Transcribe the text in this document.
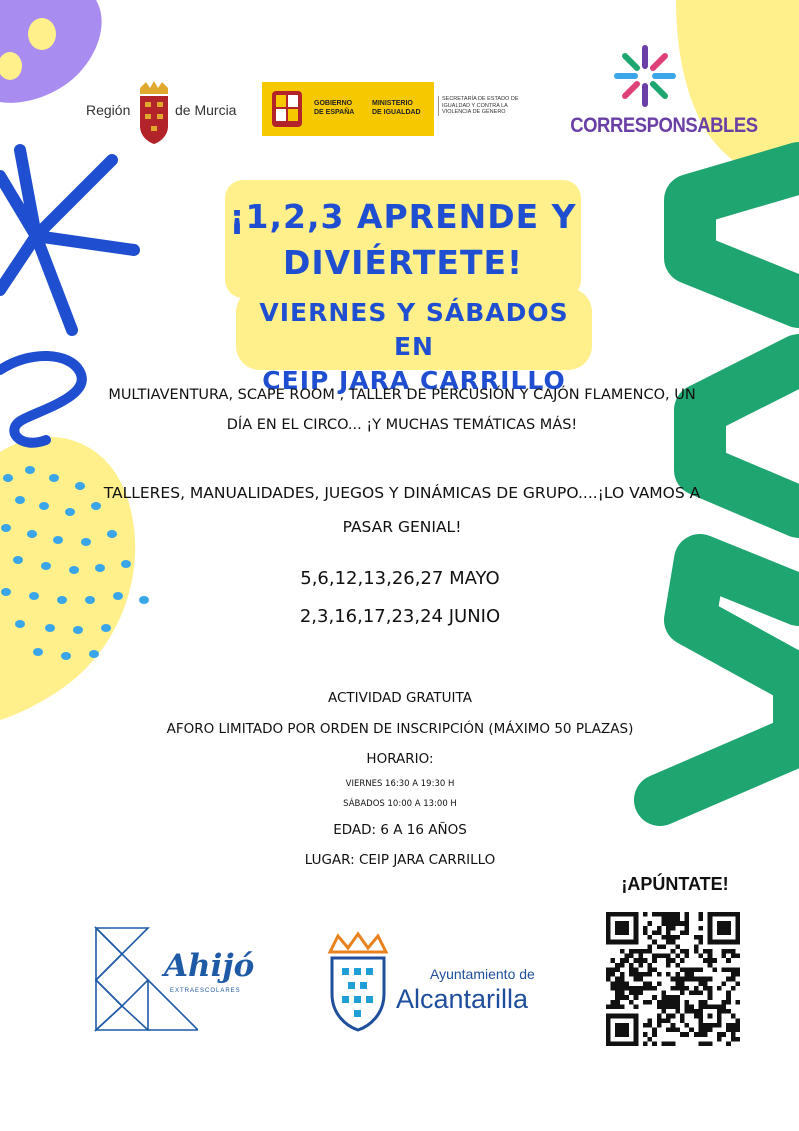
Región	de Murcia	GOBIERNO
DE ESPAÑA
MINISTERIO
DE IGUALDAD
SECRETARÍA DE ESTADO DE IGUALDAD Y CONTRA LA VIOLENCIA DE GÉNERO
CORRESPONSABLES
¡1,2,3 APRENDE Y
DIVIÉRTETE!
VIERNES Y SÁBADOS EN
CEIP JARA CARRILLO
MULTIAVENTURA, SCAPE ROOM , TALLER DE PERCUSIÓN Y CAJÓN FLAMENCO, UN DÍA EN EL CIRCO... ¡Y MUCHAS TEMÁTICAS MÁS!
TALLERES, MANUALIDADES, JUEGOS Y DINÁMICAS DE GRUPO....¡LO VAMOS A PASAR GENIAL!
5,6,12,13,26,27 MAYO
2,3,16,17,23,24 JUNIO
ACTIVIDAD GRATUITA
AFORO LIMITADO POR ORDEN DE INSCRIPCIÓN (MÁXIMO 50 PLAZAS)
HORARIO:
VIERNES 16:30 A 19:30 H
SÁBADOS 10:00 A 13:00 H
EDAD: 6 A 16 AÑOS
LUGAR: CEIP JARA CARRILLO
Ahijó
EXTRAESCOLARES
Ayuntamiento de
Alcantarilla
¡APÚNTATE!
